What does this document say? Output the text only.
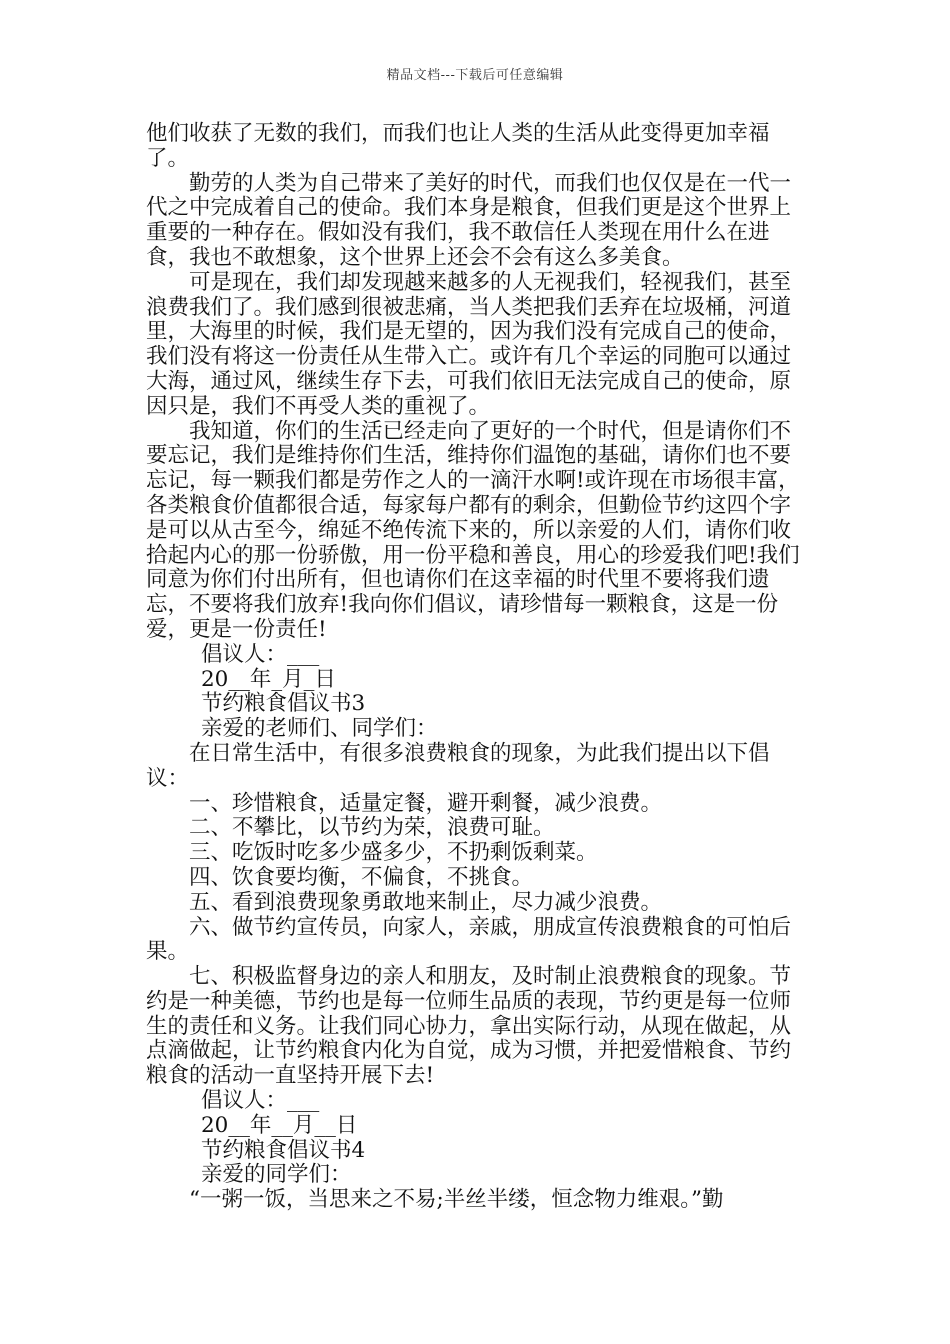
精品文档---下载后可任意编辑

他们收获了无数的我们，而我们也让人类的生活从此变得更加幸福了。

勤劳的人类为自己带来了美好的时代，而我们也仅仅是在一代一代之中完成着自己的使命。我们本身是粮食，但我们更是这个世界上重要的一种存在。假如没有我们，我不敢信任人类现在用什么在进食，我也不敢想象，这个世界上还会不会有这么多美食。

可是现在，我们却发现越来越多的人无视我们，轻视我们，甚至浪费我们了。我们感到很被悲痛，当人类把我们丢弃在垃圾桶，河道里，大海里的时候，我们是无望的，因为我们没有完成自己的使命，我们没有将这一份责任从生带入亡。或许有几个幸运的同胞可以通过大海，通过风，继续生存下去，可我们依旧无法完成自己的使命，原因只是，我们不再受人类的重视了。

我知道，你们的生活已经走向了更好的一个时代，但是请你们不要忘记，我们是维持你们生活，维持你们温饱的基础，请你们也不要忘记，每一颗我们都是劳作之人的一滴汗水啊!或许现在市场很丰富，各类粮食价值都很合适，每家每户都有的剩余，但勤俭节约这四个字是可以从古至今，绵延不绝传流下来的，所以亲爱的人们，请你们收拾起内心的那一份骄傲，用一份平稳和善良，用心的珍爱我们吧!我们同意为你们付出所有，但也请你们在这幸福的时代里不要将我们遗忘，不要将我们放弃!我向你们倡议，请珍惜每一颗粮食，这是一份爱，更是一份责任!

倡议人：___

20__年_月_日

节约粮食倡议书3

亲爱的老师们、同学们：

在日常生活中，有很多浪费粮食的现象，为此我们提出以下倡议：

一、珍惜粮食，适量定餐，避开剩餐，减少浪费。

二、不攀比，以节约为荣，浪费可耻。

三、吃饭时吃多少盛多少，不扔剩饭剩菜。

四、饮食要均衡，不偏食，不挑食。

五、看到浪费现象勇敢地来制止，尽力减少浪费。

六、做节约宣传员，向家人，亲戚，朋成宣传浪费粮食的可怕后果。

七、积极监督身边的亲人和朋友，及时制止浪费粮食的现象。节约是一种美德，节约也是每一位师生品质的表现，节约更是每一位师生的责任和义务。让我们同心协力，拿出实际行动，从现在做起，从点滴做起，让节约粮食内化为自觉，成为习惯，并把爱惜粮食、节约粮食的活动一直坚持开展下去!

倡议人：___

20__年__月__日

节约粮食倡议书4

亲爱的同学们：

“一粥一饭，当思来之不易;半丝半缕，恒念物力维艰。”勤
